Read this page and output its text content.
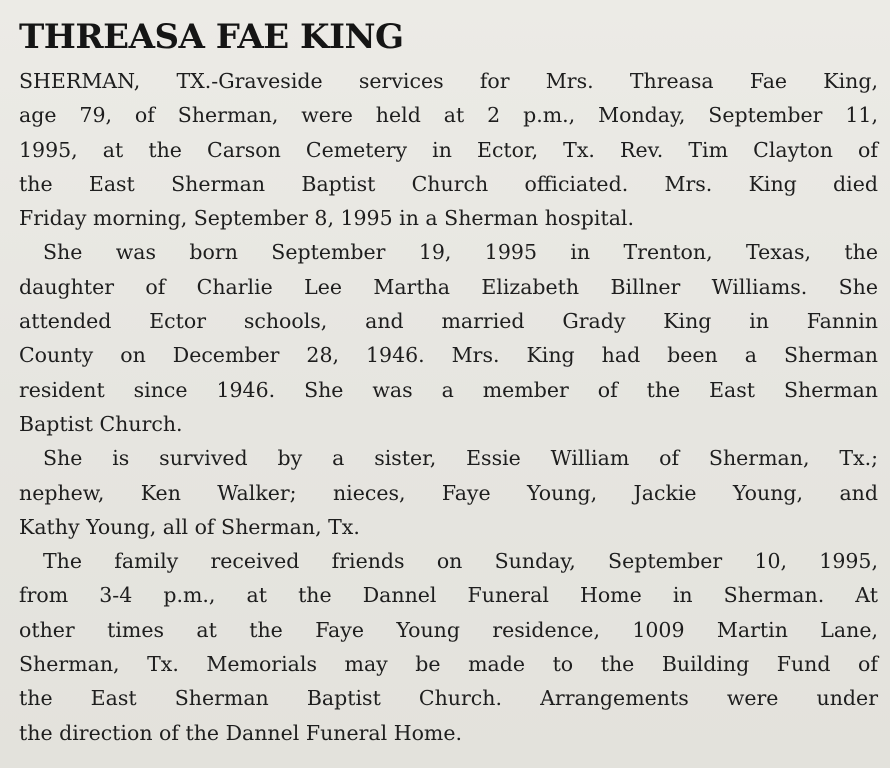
THREASA FAE KING
SHERMAN, TX.-Graveside services for Mrs. Threasa Fae King,
age 79, of Sherman, were held at 2 p.m., Monday, September 11,
1995, at the Carson Cemetery in Ector, Tx. Rev. Tim Clayton of
the East Sherman Baptist Church officiated. Mrs. King died
Friday morning, September 8, 1995 in a Sherman hospital.
She was born September 19, 1995 in Trenton, Texas, the
daughter of Charlie Lee Martha Elizabeth Billner Williams. She
attended Ector schools, and married Grady King in Fannin
County on December 28, 1946. Mrs. King had been a Sherman
resident since 1946. She was a member of the East Sherman
Baptist Church.
She is survived by a sister, Essie William of Sherman, Tx.;
nephew, Ken Walker; nieces, Faye Young, Jackie Young, and
Kathy Young, all of Sherman, Tx.
The family received friends on Sunday, September 10, 1995,
from 3-4 p.m., at the Dannel Funeral Home in Sherman. At
other times at the Faye Young residence, 1009 Martin Lane,
Sherman, Tx. Memorials may be made to the Building Fund of
the East Sherman Baptist Church. Arrangements were under
the direction of the Dannel Funeral Home.
